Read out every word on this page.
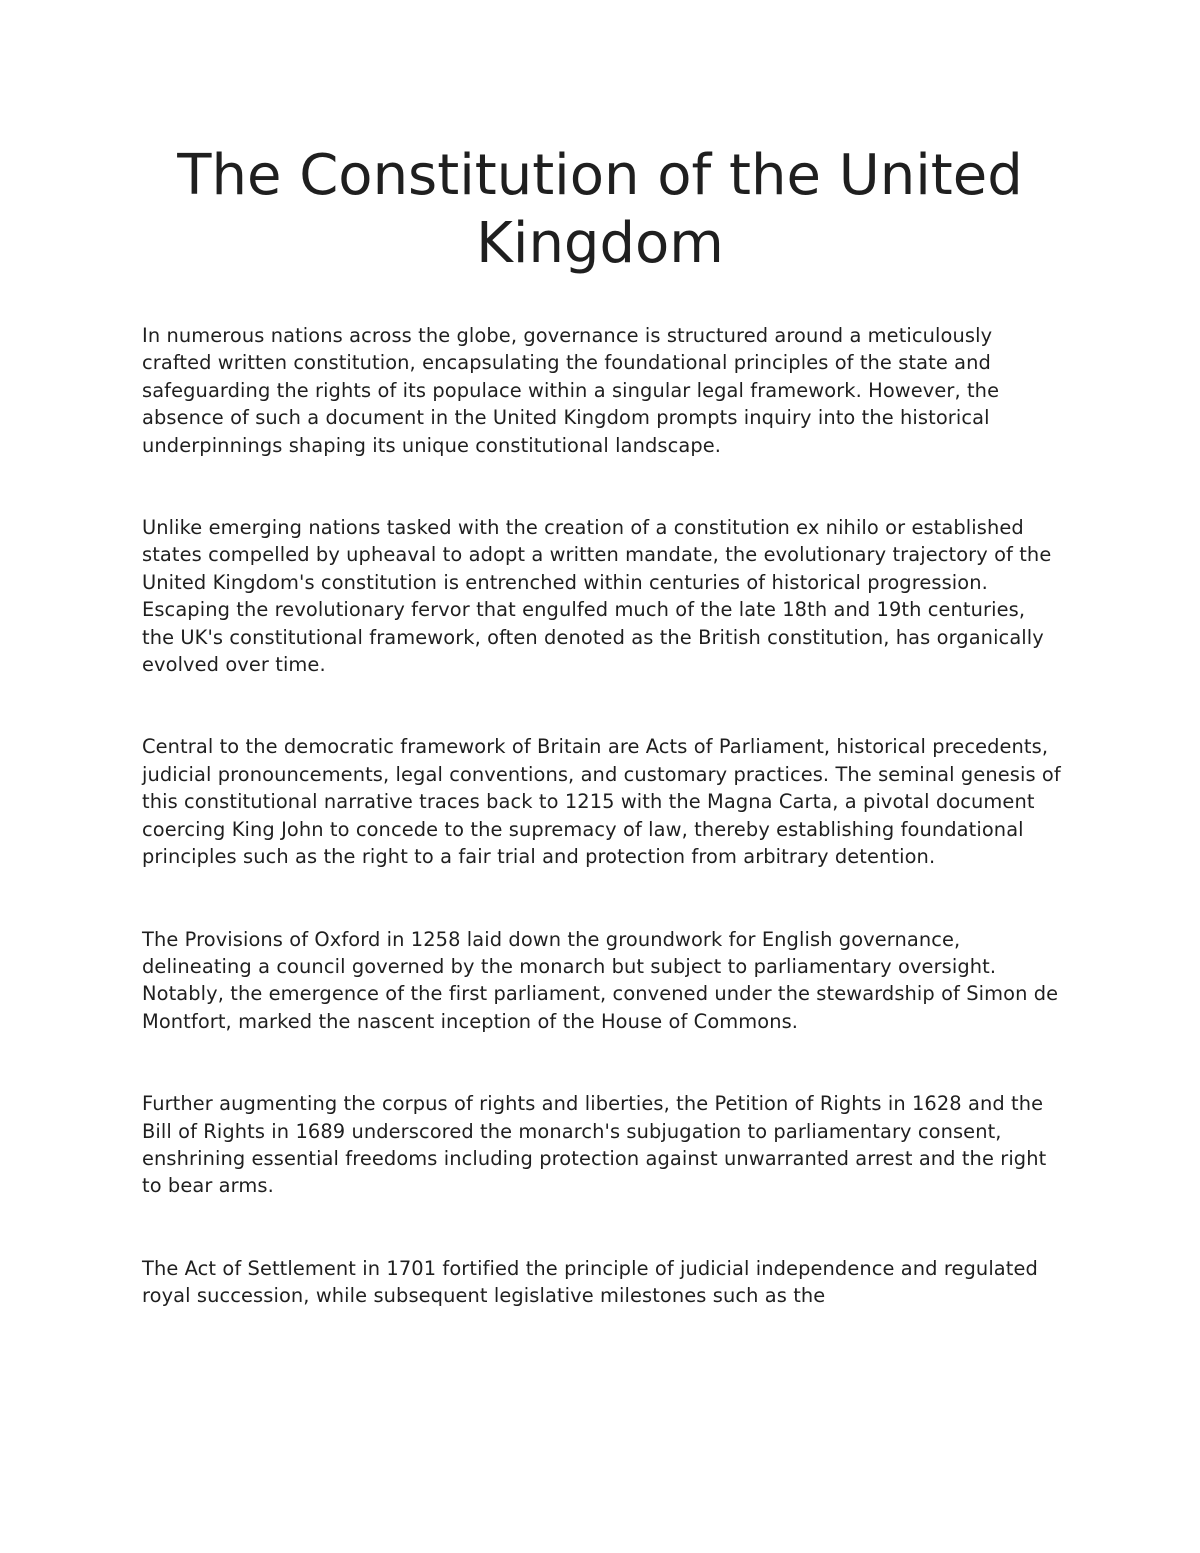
The Constitution of the United Kingdom

In numerous nations across the globe, governance is structured around a meticulously crafted written constitution, encapsulating the foundational principles of the state and safeguarding the rights of its populace within a singular legal framework. However, the absence of such a document in the United Kingdom prompts inquiry into the historical underpinnings shaping its unique constitutional landscape.

Unlike emerging nations tasked with the creation of a constitution ex nihilo or established states compelled by upheaval to adopt a written mandate, the evolutionary trajectory of the United Kingdom's constitution is entrenched within centuries of historical progression. Escaping the revolutionary fervor that engulfed much of the late 18th and 19th centuries, the UK's constitutional framework, often denoted as the British constitution, has organically evolved over time.

Central to the democratic framework of Britain are Acts of Parliament, historical precedents, judicial pronouncements, legal conventions, and customary practices. The seminal genesis of this constitutional narrative traces back to 1215 with the Magna Carta, a pivotal document coercing King John to concede to the supremacy of law, thereby establishing foundational principles such as the right to a fair trial and protection from arbitrary detention.

The Provisions of Oxford in 1258 laid down the groundwork for English governance, delineating a council governed by the monarch but subject to parliamentary oversight. Notably, the emergence of the first parliament, convened under the stewardship of Simon de Montfort, marked the nascent inception of the House of Commons.

Further augmenting the corpus of rights and liberties, the Petition of Rights in 1628 and the Bill of Rights in 1689 underscored the monarch's subjugation to parliamentary consent, enshrining essential freedoms including protection against unwarranted arrest and the right to bear arms.

The Act of Settlement in 1701 fortified the principle of judicial independence and regulated royal succession, while subsequent legislative milestones such as the
